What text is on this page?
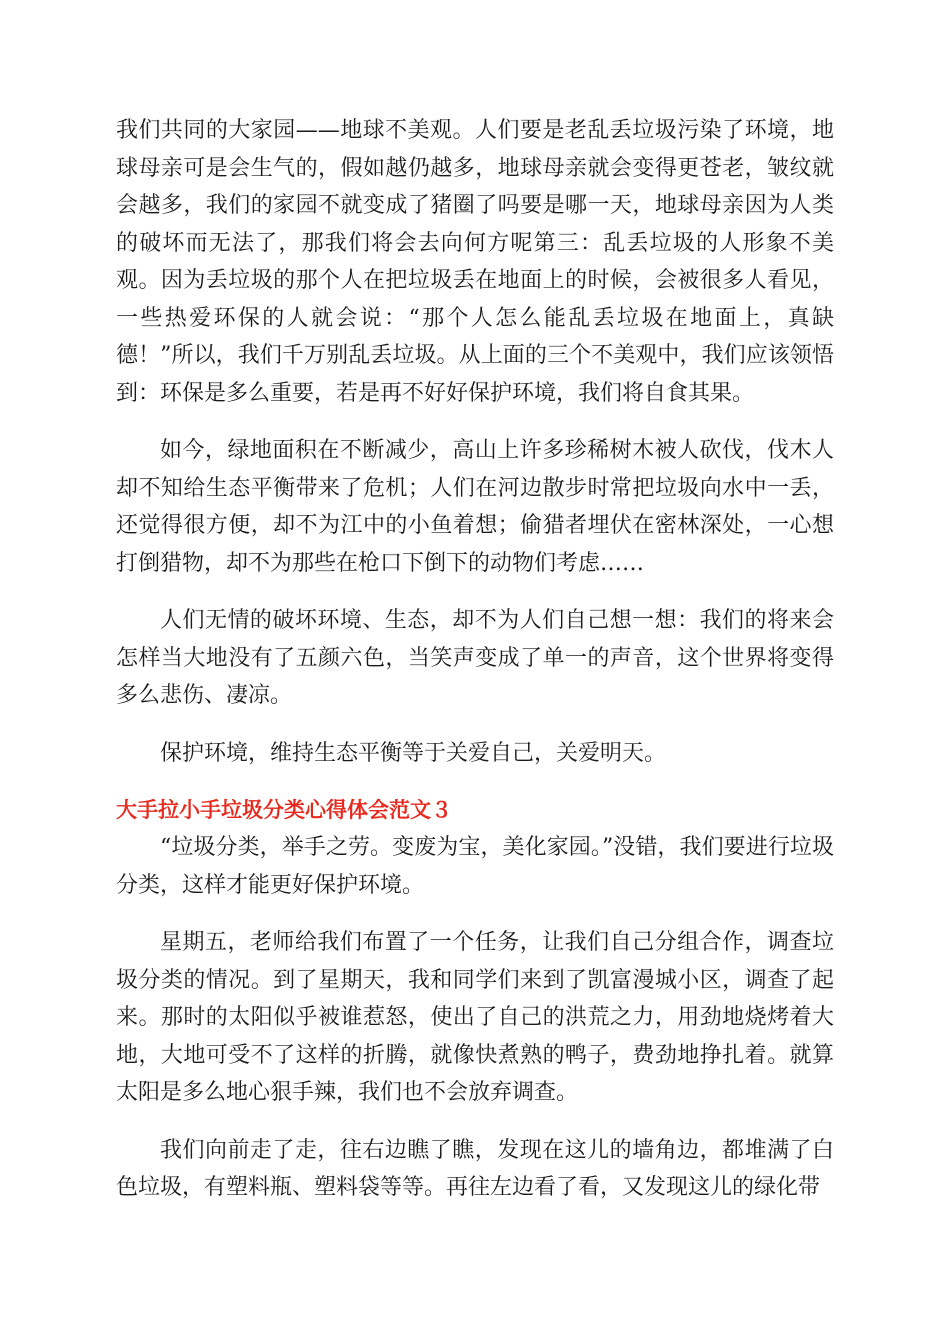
我们共同的大家园——地球不美观。人们要是老乱丢垃圾污染了环境，地球母亲可是会生气的，假如越仍越多，地球母亲就会变得更苍老，皱纹就会越多，我们的家园不就变成了猪圈了吗要是哪一天，地球母亲因为人类的破坏而无法了，那我们将会去向何方呢第三：乱丢垃圾的人形象不美观。因为丢垃圾的那个人在把垃圾丢在地面上的时候，会被很多人看见，一些热爱环保的人就会说：“那个人怎么能乱丢垃圾在地面上，真缺德！”所以，我们千万别乱丢垃圾。从上面的三个不美观中，我们应该领悟到：环保是多么重要，若是再不好好保护环境，我们将自食其果。

如今，绿地面积在不断减少，高山上许多珍稀树木被人砍伐，伐木人却不知给生态平衡带来了危机；人们在河边散步时常把垃圾向水中一丢，还觉得很方便，却不为江中的小鱼着想；偷猎者埋伏在密林深处，一心想打倒猎物，却不为那些在枪口下倒下的动物们考虑……

人们无情的破坏环境、生态，却不为人们自己想一想：我们的将来会怎样当大地没有了五颜六色，当笑声变成了单一的声音，这个世界将变得多么悲伤、凄凉。

保护环境，维持生态平衡等于关爱自己，关爱明天。

大手拉小手垃圾分类心得体会范文３

“垃圾分类，举手之劳。变废为宝，美化家园。”没错，我们要进行垃圾分类，这样才能更好保护环境。

星期五，老师给我们布置了一个任务，让我们自己分组合作，调查垃圾分类的情况。到了星期天，我和同学们来到了凯富漫城小区，调查了起来。那时的太阳似乎被谁惹怒，使出了自己的洪荒之力，用劲地烧烤着大地，大地可受不了这样的折腾，就像快煮熟的鸭子，费劲地挣扎着。就算太阳是多么地心狠手辣，我们也不会放弃调查。

我们向前走了走，往右边瞧了瞧，发现在这儿的墙角边，都堆满了白色垃圾，有塑料瓶、塑料袋等等。再往左边看了看，又发现这儿的绿化带
